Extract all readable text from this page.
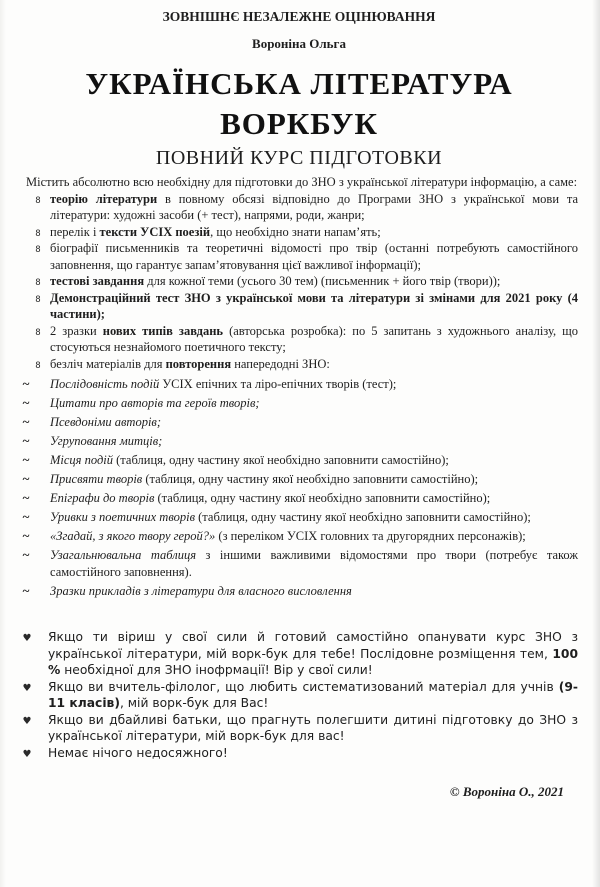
ЗОВНІШНЄ НЕЗАЛЕЖНЕ ОЦІНЮВАННЯ

Вороніна Ольга

УКРАЇНСЬКА ЛІТЕРАТУРА
ВОРКБУК

ПОВНИЙ КУРС ПІДГОТОВКИ

Містить абсолютно всю необхідну для підготовки до ЗНО з української літератури інформацію, а саме:

8 теорію літератури в повному обсязі відповідно до Програми ЗНО з української мови та літератури: художні засоби (+ тест), напрями, роди, жанри;
8 перелік і тексти УСІХ поезій, що необхідно знати напам’ять;
8 біографії письменників та теоретичні відомості про твір (останні потребують самостійного заповнення, що гарантує запам’ятовування цієї важливої інформації);
8 тестові завдання для кожної теми (усього 30 тем) (письменник + його твір (твори));
8 Демонстраційний тест ЗНО з української мови та літератури зі змінами для 2021 року (4 частини);
8 2 зразки нових типів завдань (авторська розробка): по 5 запитань з художнього аналізу, що стосуються незнайомого поетичного тексту;
8 безліч матеріалів для повторення напередодні ЗНО:
~ Послідовність подій УСІХ епічних та ліро-епічних творів (тест);
~ Цитати про авторів та героїв творів;
~ Псевдоніми авторів;
~ Угруповання митців;
~ Місця подій (таблиця, одну частину якої необхідно заповнити самостійно);
~ Присвяти творів (таблиця, одну частину якої необхідно заповнити самостійно);
~ Епіграфи до творів (таблиця, одну частину якої необхідно заповнити самостійно);
~ Уривки з поетичних творів (таблиця, одну частину якої необхідно заповнити самостійно);
~ «Згадай, з якого твору герой?» (з переліком УСІХ головних та другорядних персонажів);
~ Узагальнювальна таблиця з іншими важливими відомостями про твори (потребує також самостійного заповнення).
~ Зразки прикладів з літератури для власного висловлення
♥ Якщо ти віриш у свої сили й готовий самостійно опанувати курс ЗНО з української літератури, мій ворк-бук для тебе! Послідовне розміщення тем, 100 % необхідної для ЗНО інофрмації! Вір у свої сили!
♥ Якщо ви вчитель-філолог, що любить систематизований матеріал для учнів (9-11 класів), мій ворк-бук для Вас!
♥ Якщо ви дбайливі батьки, що прагнуть полегшити дитині підготовку до ЗНО з української літератури, мій ворк-бук для вас!
♥ Немає нічого недосяжного!

© Вороніна О., 2021
